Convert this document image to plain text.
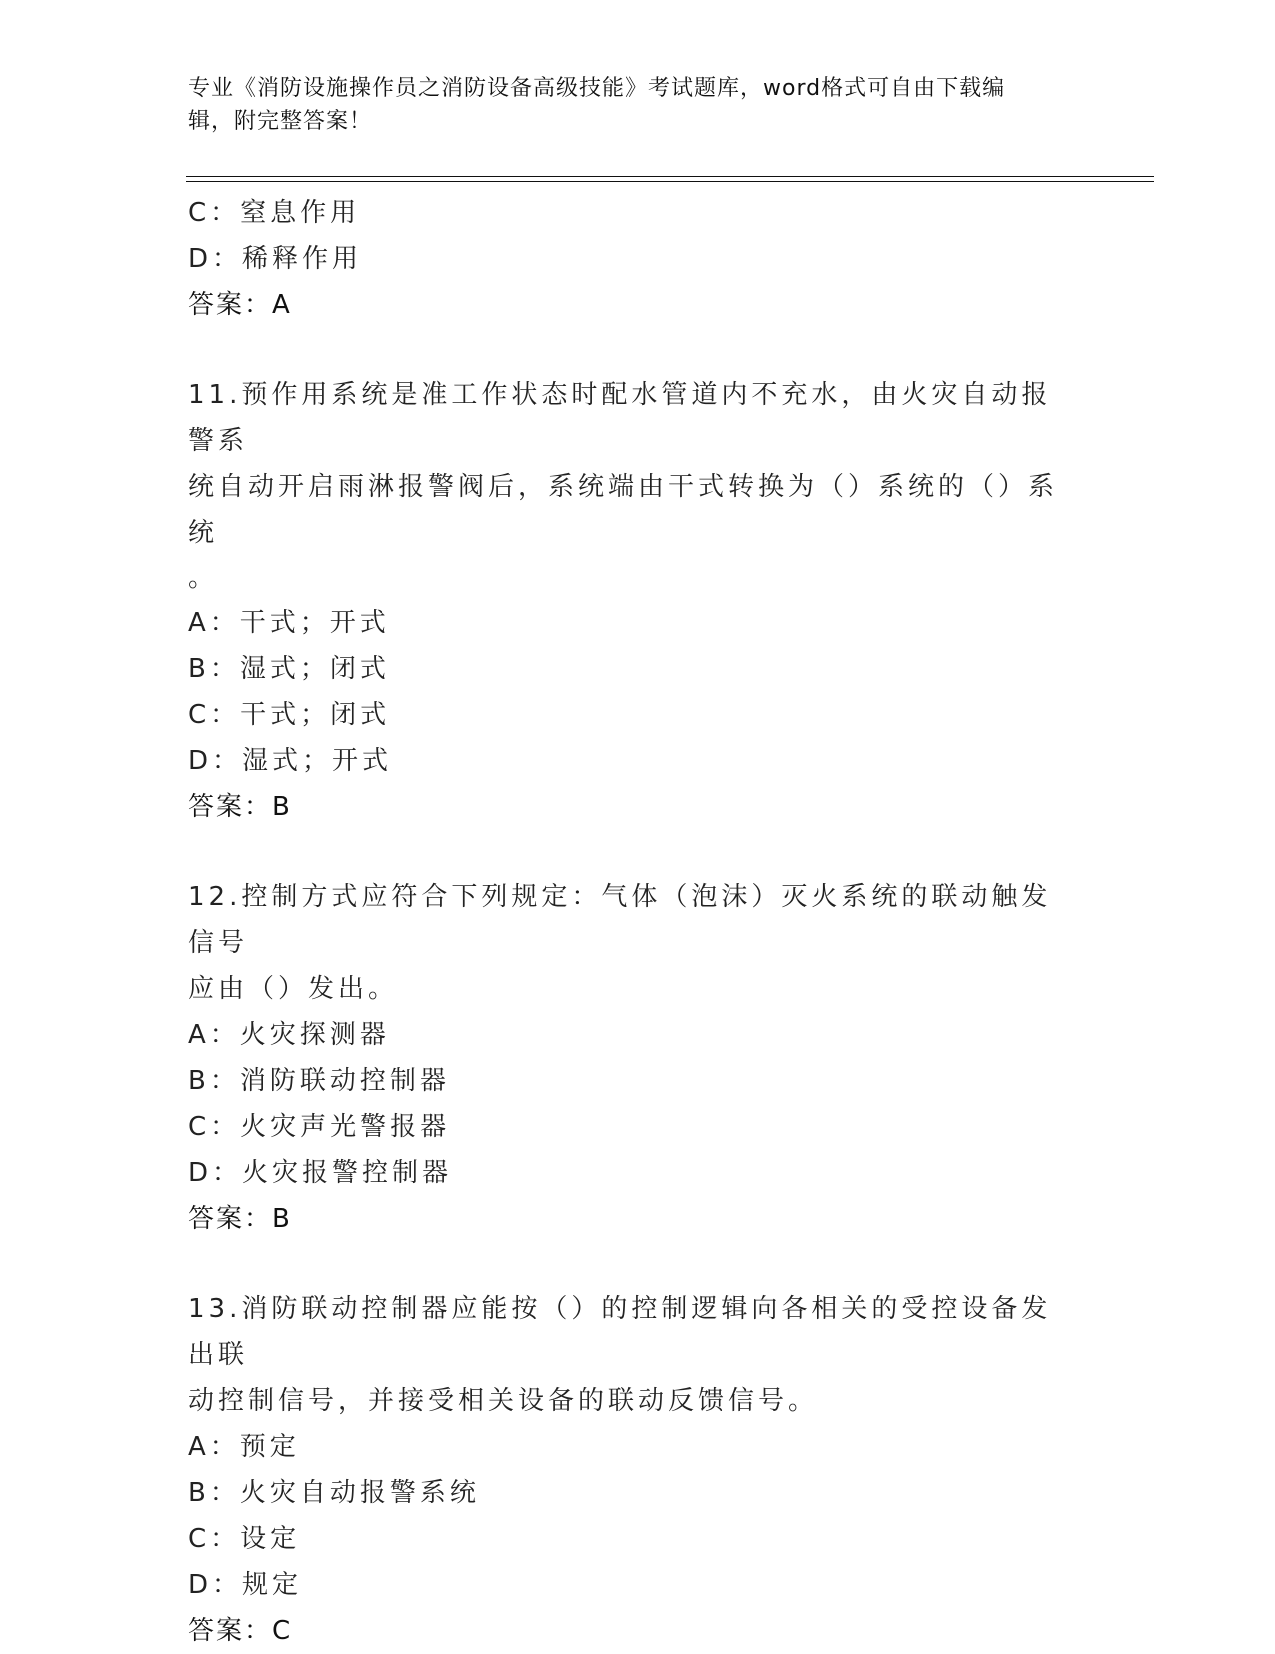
专业《消防设施操作员之消防设备高级技能》考试题库，word格式可自由下载编
辑，附完整答案！
C：窒息作用
D：稀释作用
答案：A
11.预作用系统是准工作状态时配水管道内不充水，由火灾自动报警系
统自动开启雨淋报警阀后，系统端由干式转换为（）系统的（）系统
。
A：干式；开式
B：湿式；闭式
C：干式；闭式
D：湿式；开式
答案：B
12.控制方式应符合下列规定：气体（泡沫）灭火系统的联动触发信号
应由（）发出。
A：火灾探测器
B：消防联动控制器
C：火灾声光警报器
D：火灾报警控制器
答案：B
13.消防联动控制器应能按（）的控制逻辑向各相关的受控设备发出联
动控制信号，并接受相关设备的联动反馈信号。
A：预定
B：火灾自动报警系统
C：设定
D：规定
答案：C
